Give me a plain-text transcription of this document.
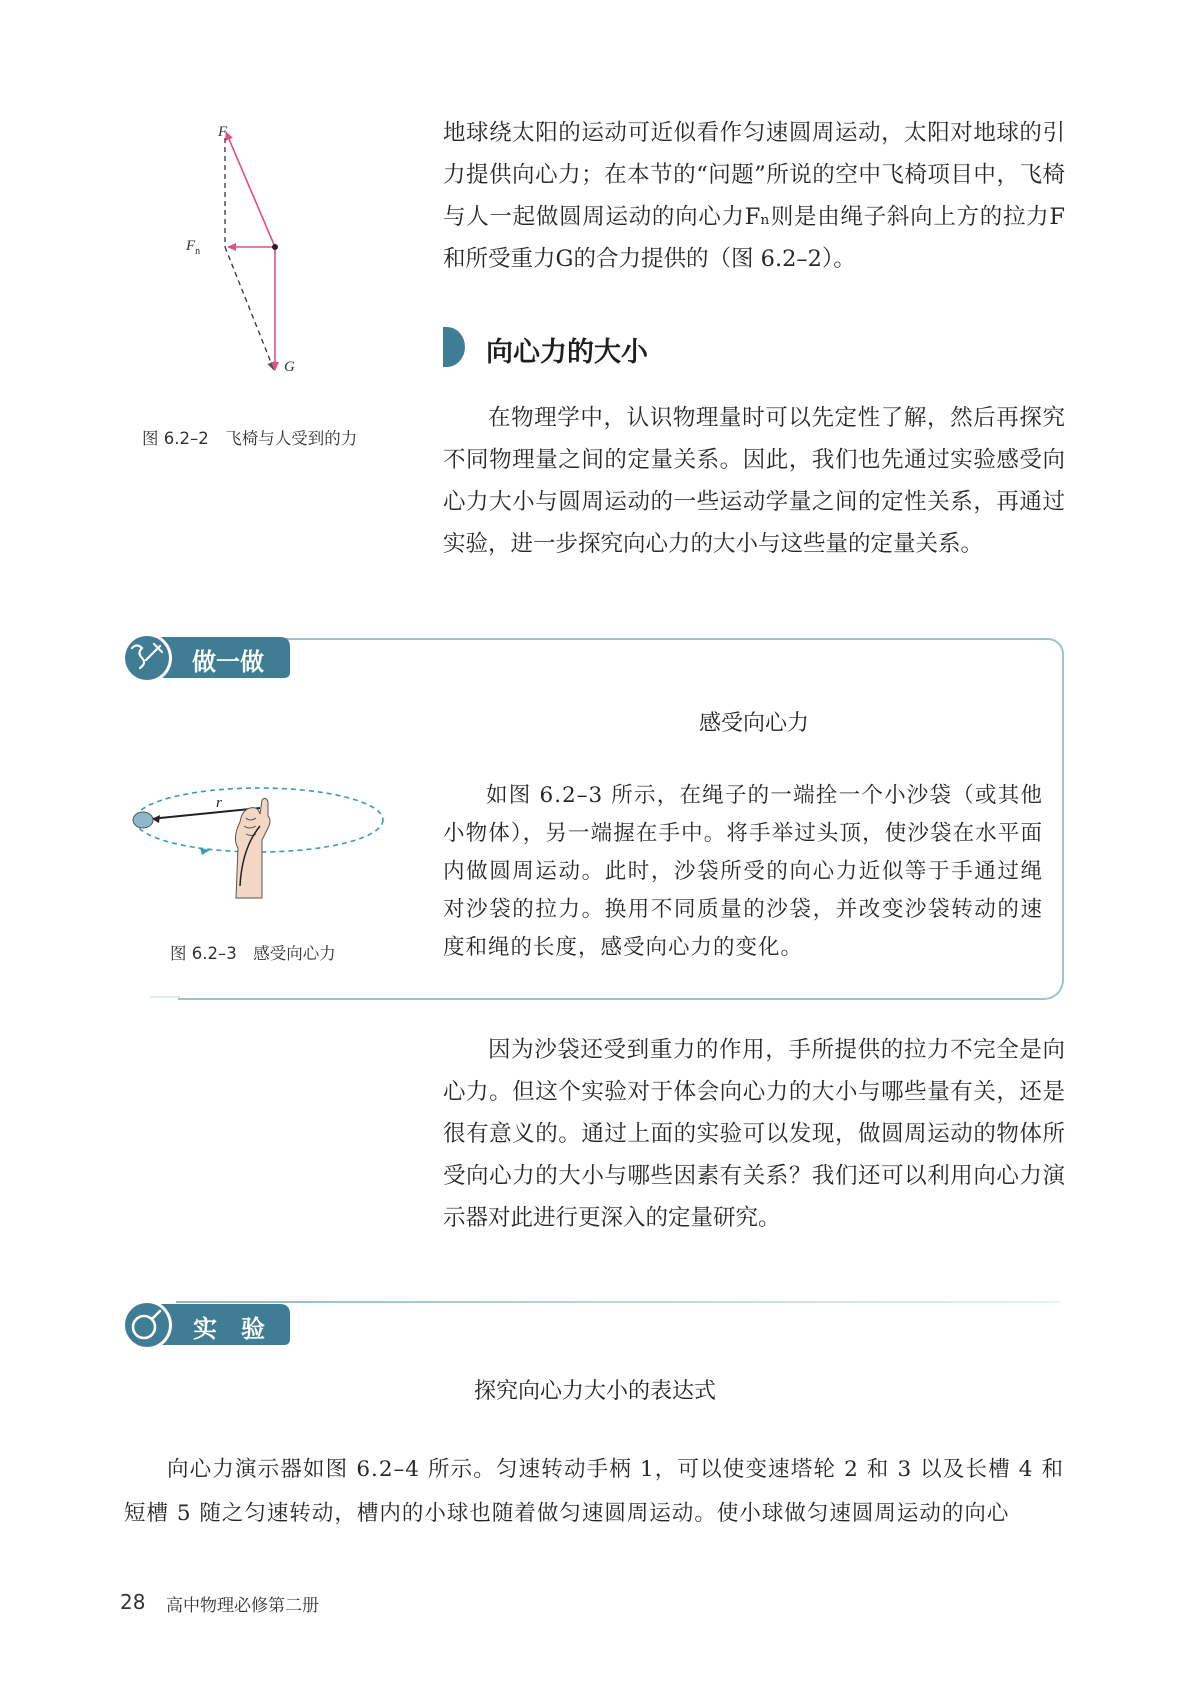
F
$F_n$
G
图 6.2–2　飞椅与人受到的力

地球绕太阳的运动可近似看作匀速圆周运动，太阳对地球的引力提供向心力；在本节的“问题”所说的空中飞椅项目中，飞椅与人一起做圆周运动的向心力Fₙ则是由绳子斜向上方的拉力F和所受重力G的合力提供的（图 6.2–2）。

向心力的大小

在物理学中，认识物理量时可以先定性了解，然后再探究不同物理量之间的定量关系。因此，我们也先通过实验感受向心力大小与圆周运动的一些运动学量之间的定性关系，再通过实验，进一步探究向心力的大小与这些量的定量关系。

做一做
感受向心力
r
图 6.2–3　感受向心力

如图 6.2–3 所示，在绳子的一端拴一个小沙袋（或其他小物体），另一端握在手中。将手举过头顶，使沙袋在水平面内做圆周运动。此时，沙袋所受的向心力近似等于手通过绳对沙袋的拉力。换用不同质量的沙袋，并改变沙袋转动的速度和绳的长度，感受向心力的变化。

因为沙袋还受到重力的作用，手所提供的拉力不完全是向心力。但这个实验对于体会向心力的大小与哪些量有关，还是很有意义的。通过上面的实验可以发现，做圆周运动的物体所受向心力的大小与哪些因素有关系？我们还可以利用向心力演示器对此进行更深入的定量研究。

实　验
探究向心力大小的表达式

向心力演示器如图 6.2–4 所示。匀速转动手柄 1，可以使变速塔轮 2 和 3 以及长槽 4 和短槽 5 随之匀速转动，槽内的小球也随着做匀速圆周运动。使小球做匀速圆周运动的向心

28 高中物理必修第二册
